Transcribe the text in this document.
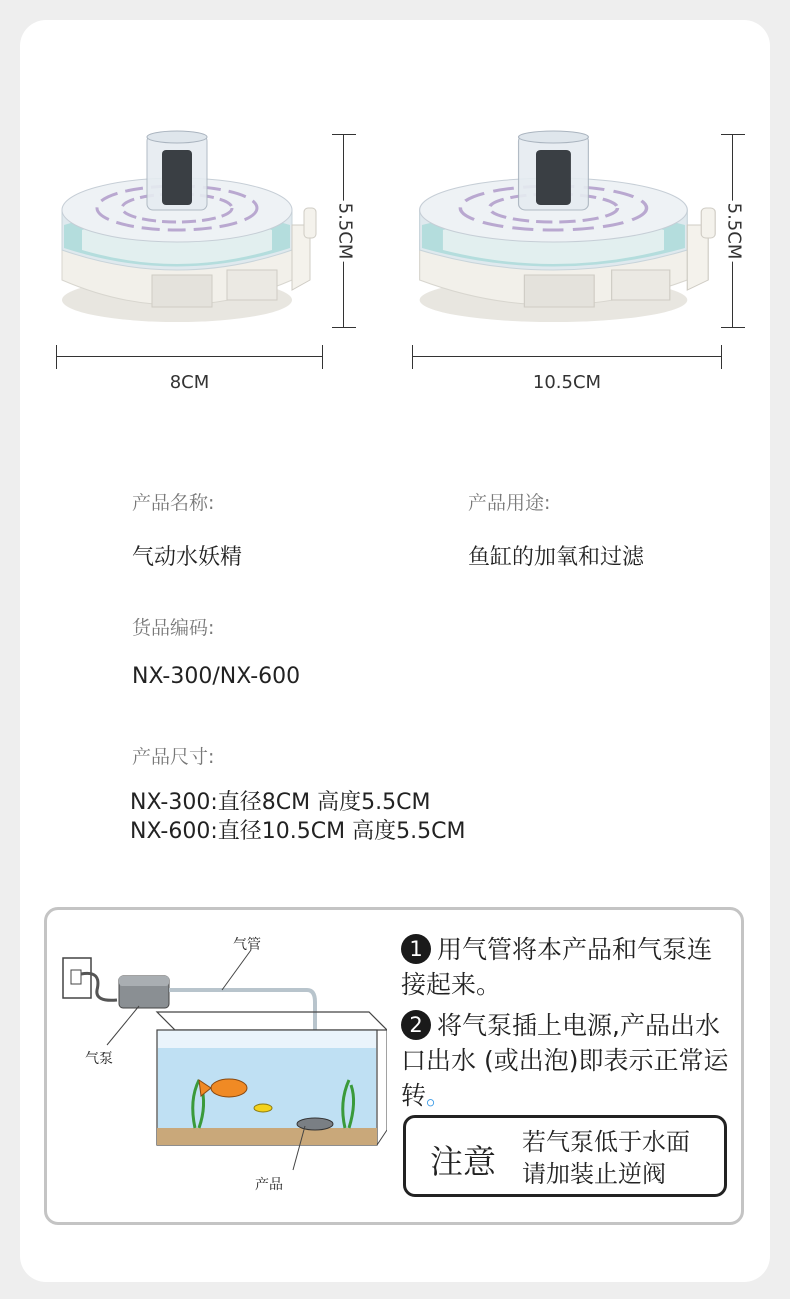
5.5CM
8CM
5.5CM
10.5CM
产品名称:
气动水妖精
产品用途:
鱼缸的加氧和过滤
货品编码:
NX-300/NX-600
产品尺寸:
NX-300:直径8CM 高度5.5CM
NX-600:直径10.5CM 高度5.5CM
气管
气泵
产品
1 用气管将本产品和气泵连接起来。
2 将气泵插上电源,产品出水口出水 (或出泡)即表示正常运转。
注意 若气泵低于水面
请加装止逆阀
